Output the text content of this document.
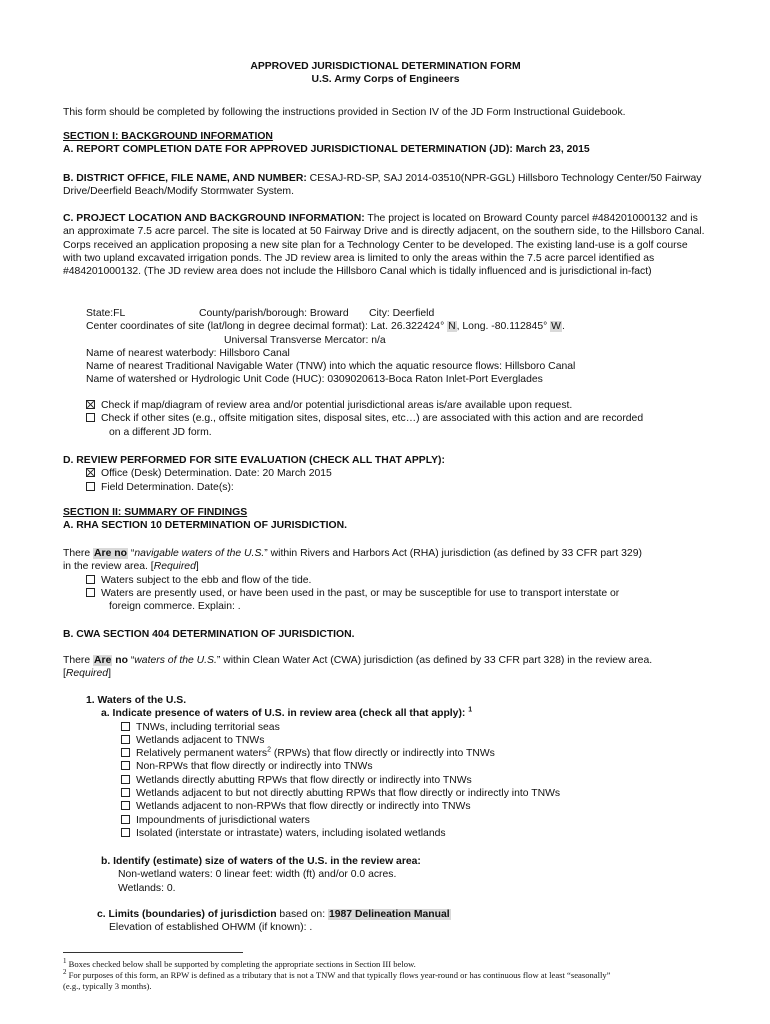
APPROVED JURISDICTIONAL DETERMINATION FORM

U.S. Army Corps of Engineers

This form should be completed by following the instructions provided in Section IV of the JD Form Instructional Guidebook.

SECTION I: BACKGROUND INFORMATION

A. REPORT COMPLETION DATE FOR APPROVED JURISDICTIONAL DETERMINATION (JD): March 23, 2015

B. DISTRICT OFFICE, FILE NAME, AND NUMBER: CESAJ-RD-SP, SAJ 2014-03510(NPR-GGL) Hillsboro Technology Center/50 Fairway Drive/Deerfield Beach/Modify Stormwater System.

C. PROJECT LOCATION AND BACKGROUND INFORMATION: The project is located on Broward County parcel #484201000132 and is an approximate 7.5 acre parcel. The site is located at 50 Fairway Drive and is directly adjacent, on the southern side, to the Hillsboro Canal. Corps received an application proposing a new site plan for a Technology Center to be developed. The existing land-use is a golf course with two upland excavated irrigation ponds. The JD review area is limited to only the areas within the 7.5 acre parcel identified as #484201000132. (The JD review area does not include the Hillsboro Canal which is tidally influenced and is jurisdictional in-fact)

State:FL	County/parish/borough: Broward City: Deerfield

Center coordinates of site (lat/long in degree decimal format): Lat. 26.322424° N, Long. -80.112845° W.

Universal Transverse Mercator: n/a

Name of nearest waterbody: Hillsboro Canal

Name of nearest Traditional Navigable Water (TNW) into which the aquatic resource flows: Hillsboro Canal

Name of watershed or Hydrologic Unit Code (HUC): 0309020613-Boca Raton Inlet-Port Everglades

Check if map/diagram of review area and/or potential jurisdictional areas is/are available upon request.

Check if other sites (e.g., offsite mitigation sites, disposal sites, etc…) are associated with this action and are recorded

on a different JD form.

D. REVIEW PERFORMED FOR SITE EVALUATION (CHECK ALL THAT APPLY):

Office (Desk) Determination. Date: 20 March 2015

Field Determination. Date(s):

SECTION II: SUMMARY OF FINDINGS

A. RHA SECTION 10 DETERMINATION OF JURISDICTION.

There Are no “navigable waters of the U.S.” within Rivers and Harbors Act (RHA) jurisdiction (as defined by 33 CFR part 329)

in the review area. [Required]

Waters subject to the ebb and flow of the tide.

Waters are presently used, or have been used in the past, or may be susceptible for use to transport interstate or

foreign commerce. Explain: .

B. CWA SECTION 404 DETERMINATION OF JURISDICTION.

There Are no “waters of the U.S.” within Clean Water Act (CWA) jurisdiction (as defined by 33 CFR part 328) in the review area.

[Required]

1. Waters of the U.S.

a. Indicate presence of waters of U.S. in review area (check all that apply): $^1$

TNWs, including territorial seas

Wetlands adjacent to TNWs

Relatively permanent waters$^2$ (RPWs) that flow directly or indirectly into TNWs

Non-RPWs that flow directly or indirectly into TNWs

Wetlands directly abutting RPWs that flow directly or indirectly into TNWs

Wetlands adjacent to but not directly abutting RPWs that flow directly or indirectly into TNWs

Wetlands adjacent to non-RPWs that flow directly or indirectly into TNWs

Impoundments of jurisdictional waters

Isolated (interstate or intrastate) waters, including isolated wetlands

b. Identify (estimate) size of waters of the U.S. in the review area:

Non-wetland waters: 0 linear feet: width (ft) and/or 0.0 acres.

Wetlands: 0.

c. Limits (boundaries) of jurisdiction based on: 1987 Delineation Manual

Elevation of established OHWM (if known): .

$^1$ Boxes checked below shall be supported by completing the appropriate sections in Section III below.

$^2$ For purposes of this form, an RPW is defined as a tributary that is not a TNW and that typically flows year-round or has continuous flow at least “seasonally”

(e.g., typically 3 months).
